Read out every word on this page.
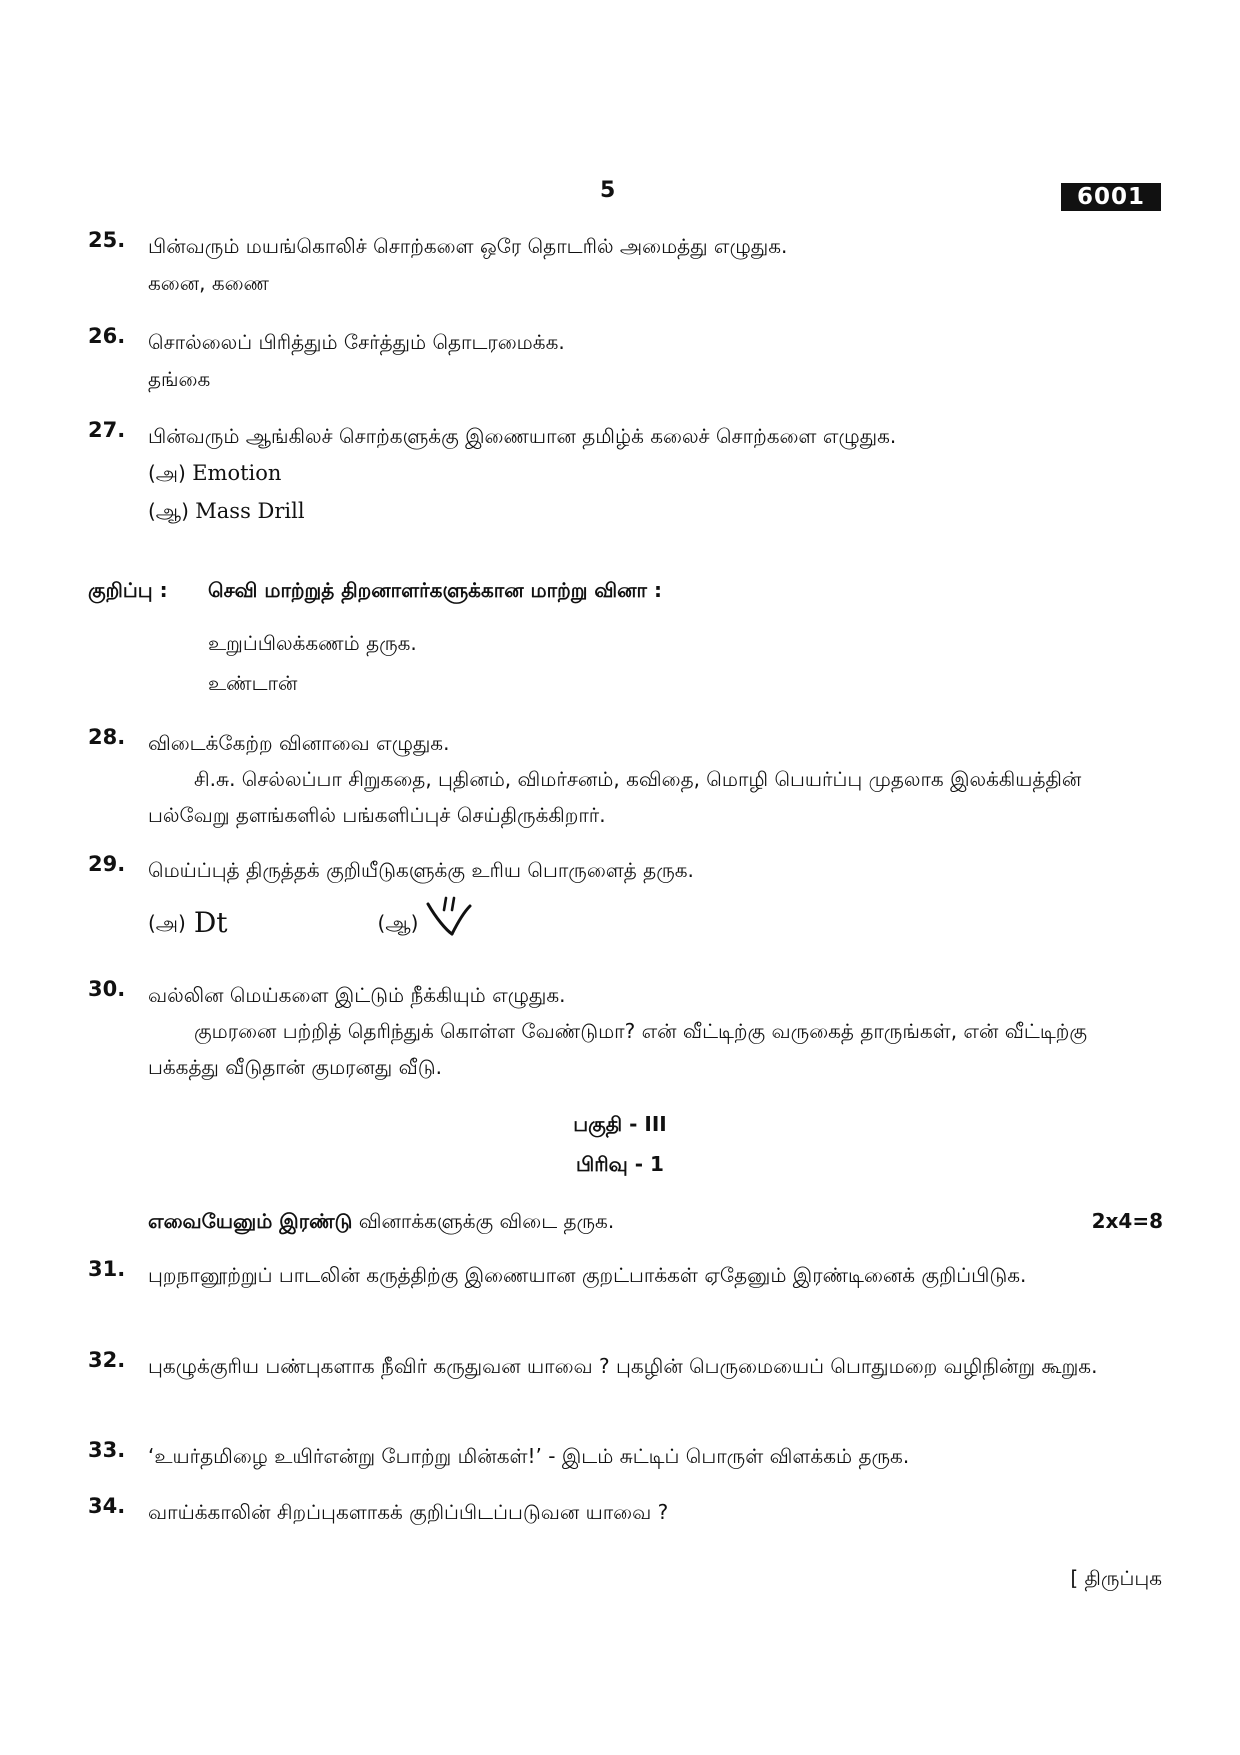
5	6001
25.	பின்வரும் மயங்கொலிச் சொற்களை ஒரே தொடரில் அமைத்து எழுதுக.
கனை, கணை
26.	சொல்லைப் பிரித்தும் சேர்த்தும் தொடரமைக்க.
தங்கை
27.	பின்வரும் ஆங்கிலச் சொற்களுக்கு இணையான தமிழ்க் கலைச் சொற்களை எழுதுக.
(அ) Emotion
(ஆ) Mass Drill
குறிப்பு :	செவி மாற்றுத் திறனாளர்களுக்கான மாற்று வினா :
உறுப்பிலக்கணம் தருக.
உண்டான்
28.	விடைக்கேற்ற வினாவை எழுதுக.
சி.சு. செல்லப்பா சிறுகதை, புதினம், விமர்சனம், கவிதை, மொழி பெயர்ப்பு முதலாக இலக்கியத்தின் பல்வேறு தளங்களில் பங்களிப்புச் செய்திருக்கிறார்.
29.	மெய்ப்புத் திருத்தக் குறியீடுகளுக்கு உரிய பொருளைத் தருக.
(அ) Dt	(ஆ)
30.	வல்லின மெய்களை இட்டும் நீக்கியும் எழுதுக.
குமரனை பற்றித் தெரிந்துக் கொள்ள வேண்டுமா? என் வீட்டிற்கு வருகைத் தாருங்கள், என் வீட்டிற்கு பக்கத்து வீடுதான் குமரனது வீடு.
பகுதி - III
பிரிவு - 1
எவையேனும் இரண்டு வினாக்களுக்கு விடை தருக.	2x4=8
31.	புறநானூற்றுப் பாடலின் கருத்திற்கு இணையான குறட்பாக்கள் ஏதேனும் இரண்டினைக் குறிப்பிடுக.
32.	புகழுக்குரிய பண்புகளாக நீவிர் கருதுவன யாவை ? புகழின் பெருமையைப் பொதுமறை வழிநின்று கூறுக.
33.	‘உயர்தமிழை உயிர்என்று போற்று மின்கள்!’ - இடம் சுட்டிப் பொருள் விளக்கம் தருக.
34.	வாய்க்காலின் சிறப்புகளாகக் குறிப்பிடப்படுவன யாவை ?
[ திருப்புக
